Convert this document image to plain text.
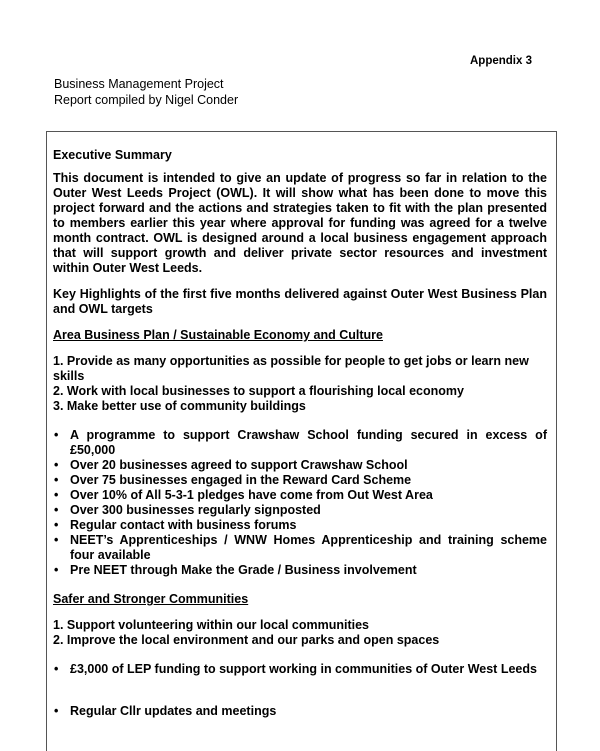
Appendix 3
Business Management Project
Report compiled by Nigel Conder

Executive Summary

This document is intended to give an update of progress so far in relation to the Outer West Leeds Project (OWL). It will show what has been done to move this project forward and the actions and strategies taken to fit with the plan presented to members earlier this year where approval for funding was agreed for a twelve month contract. OWL is designed around a local business engagement approach that will support growth and deliver private sector resources and investment within Outer West Leeds.

Key Highlights of the first five months delivered against Outer West Business Plan and OWL targets

Area Business Plan / Sustainable Economy and Culture

1. Provide as many opportunities as possible for people to get jobs or learn new skills
2. Work with local businesses to support a flourishing local economy
3. Make better use of community buildings
• A programme to support Crawshaw School funding secured in excess of £50,000
• Over 20 businesses agreed to support Crawshaw School
• Over 75 businesses engaged in the Reward Card Scheme
• Over 10% of All 5-3-1 pledges have come from Out West Area
• Over 300 businesses regularly signposted
• Regular contact with business forums
• NEET’s Apprenticeships / WNW Homes Apprenticeship and training scheme four available
• Pre NEET through Make the Grade / Business involvement

Safer and Stronger Communities

1. Support volunteering within our local communities
2. Improve the local environment and our parks and open spaces
• £3,000 of LEP funding to support working in communities of Outer West Leeds
• Regular Cllr updates and meetings
